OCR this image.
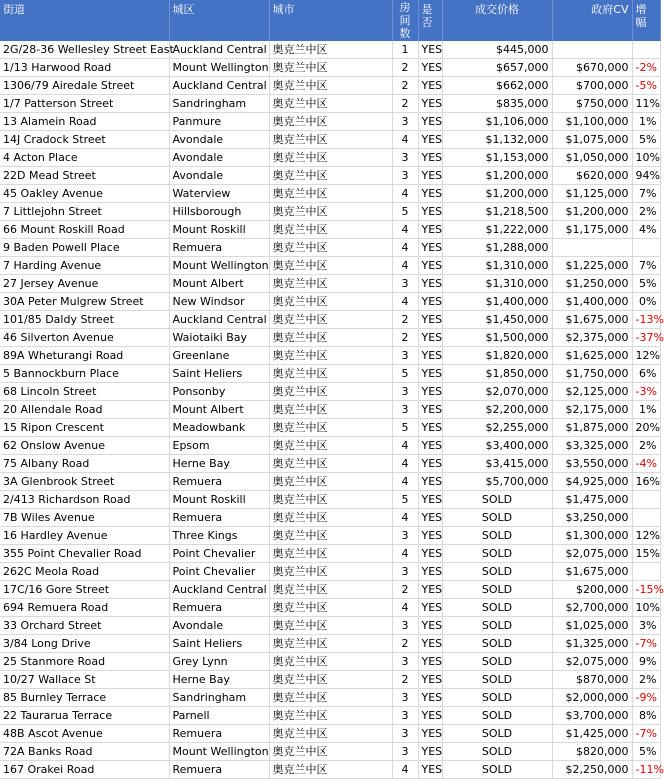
街道	城区	城市	房间数	是否	成交价格	政府CV	增幅
2G/28-36 Wellesley Street East	Auckland Central	奥克兰中区	1	YES	$445,000		
1/13 Harwood Road	Mount Wellington	奥克兰中区	2	YES	$657,000	$670,000	-2%
1306/79 Airedale Street	Auckland Central	奥克兰中区	2	YES	$662,000	$700,000	-5%
1/7 Patterson Street	Sandringham	奥克兰中区	2	YES	$835,000	$750,000	11%
13 Alamein Road	Panmure	奥克兰中区	3	YES	$1,106,000	$1,100,000	1%
14J Cradock Street	Avondale	奥克兰中区	4	YES	$1,132,000	$1,075,000	5%
4 Acton Place	Avondale	奥克兰中区	3	YES	$1,153,000	$1,050,000	10%
22D Mead Street	Avondale	奥克兰中区	3	YES	$1,200,000	$620,000	94%
45 Oakley Avenue	Waterview	奥克兰中区	4	YES	$1,200,000	$1,125,000	7%
7 Littlejohn Street	Hillsborough	奥克兰中区	5	YES	$1,218,500	$1,200,000	2%
66 Mount Roskill Road	Mount Roskill	奥克兰中区	4	YES	$1,222,000	$1,175,000	4%
9 Baden Powell Place	Remuera	奥克兰中区	4	YES	$1,288,000		
7 Harding Avenue	Mount Wellington	奥克兰中区	4	YES	$1,310,000	$1,225,000	7%
27 Jersey Avenue	Mount Albert	奥克兰中区	3	YES	$1,310,000	$1,250,000	5%
30A Peter Mulgrew Street	New Windsor	奥克兰中区	4	YES	$1,400,000	$1,400,000	0%
101/85 Daldy Street	Auckland Central	奥克兰中区	2	YES	$1,450,000	$1,675,000	-13%
46 Silverton Avenue	Waiotaiki Bay	奥克兰中区	2	YES	$1,500,000	$2,375,000	-37%
89A Wheturangi Road	Greenlane	奥克兰中区	3	YES	$1,820,000	$1,625,000	12%
5 Bannockburn Place	Saint Heliers	奥克兰中区	5	YES	$1,850,000	$1,750,000	6%
68 Lincoln Street	Ponsonby	奥克兰中区	3	YES	$2,070,000	$2,125,000	-3%
20 Allendale Road	Mount Albert	奥克兰中区	3	YES	$2,200,000	$2,175,000	1%
15 Ripon Crescent	Meadowbank	奥克兰中区	5	YES	$2,255,000	$1,875,000	20%
62 Onslow Avenue	Epsom	奥克兰中区	4	YES	$3,400,000	$3,325,000	2%
75 Albany Road	Herne Bay	奥克兰中区	4	YES	$3,415,000	$3,550,000	-4%
3A Glenbrook Street	Remuera	奥克兰中区	4	YES	$5,700,000	$4,925,000	16%
2/413 Richardson Road	Mount Roskill	奥克兰中区	5	YES	SOLD	$1,475,000	
7B Wiles Avenue	Remuera	奥克兰中区	4	YES	SOLD	$3,250,000	
16 Hardley Avenue	Three Kings	奥克兰中区	3	YES	SOLD	$1,300,000	12%
355 Point Chevalier Road	Point Chevalier	奥克兰中区	4	YES	SOLD	$2,075,000	15%
262C Meola Road	Point Chevalier	奥克兰中区	3	YES	SOLD	$1,675,000	
17C/16 Gore Street	Auckland Central	奥克兰中区	2	YES	SOLD	$200,000	-15%
694 Remuera Road	Remuera	奥克兰中区	4	YES	SOLD	$2,700,000	10%
33 Orchard Street	Avondale	奥克兰中区	3	YES	SOLD	$1,025,000	3%
3/84 Long Drive	Saint Heliers	奥克兰中区	2	YES	SOLD	$1,325,000	-7%
25 Stanmore Road	Grey Lynn	奥克兰中区	3	YES	SOLD	$2,075,000	9%
10/27 Wallace St	Herne Bay	奥克兰中区	2	YES	SOLD	$870,000	2%
85 Burnley Terrace	Sandringham	奥克兰中区	3	YES	SOLD	$2,000,000	-9%
22 Taurarua Terrace	Parnell	奥克兰中区	3	YES	SOLD	$3,700,000	8%
48B Ascot Avenue	Remuera	奥克兰中区	3	YES	SOLD	$1,425,000	-7%
72A Banks Road	Mount Wellington	奥克兰中区	3	YES	SOLD	$820,000	5%
167 Orakei Road	Remuera	奥克兰中区	4	YES	SOLD	$2,250,000	-11%
